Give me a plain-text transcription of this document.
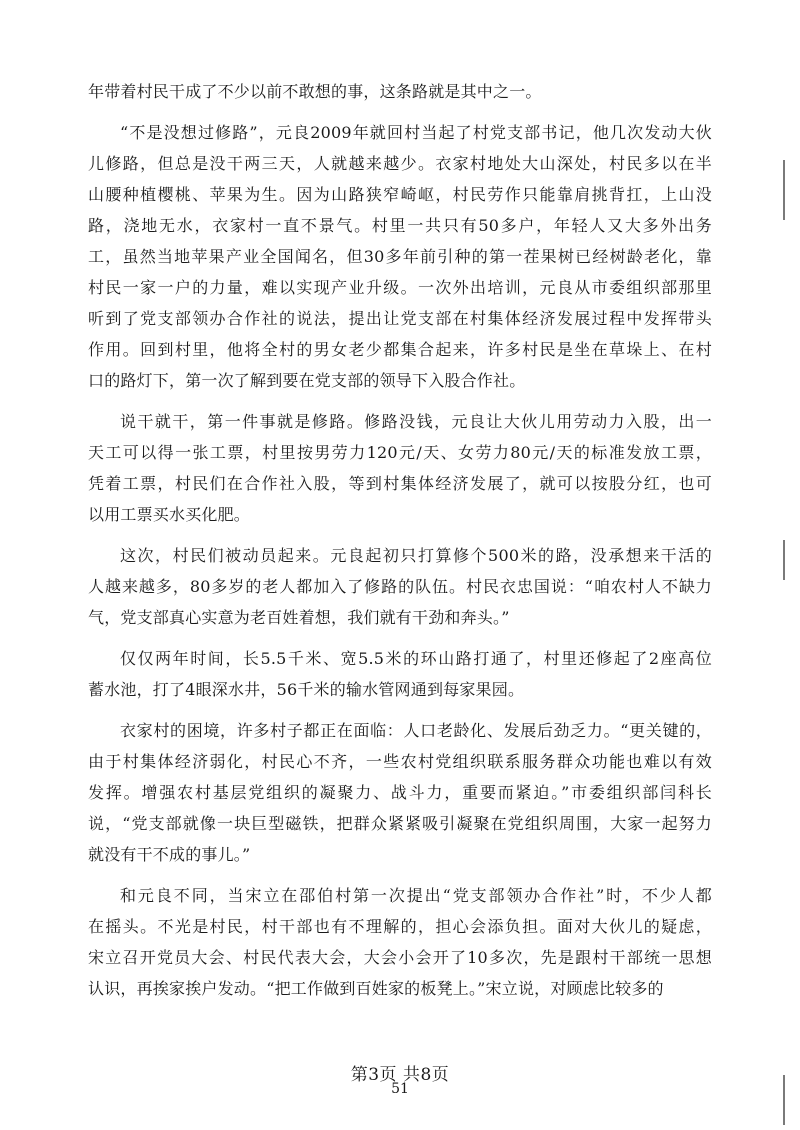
年带着村民干成了不少以前不敢想的事，这条路就是其中之一。
“不是没想过修路”，元良2009年就回村当起了村党支部书记，他几次发动大伙
儿修路，但总是没干两三天，人就越来越少。衣家村地处大山深处，村民多以在半
山腰种植樱桃、苹果为生。因为山路狭窄崎岖，村民劳作只能靠肩挑背扛，上山没
路，浇地无水，衣家村一直不景气。村里一共只有50多户，年轻人又大多外出务
工，虽然当地苹果产业全国闻名，但30多年前引种的第一茬果树已经树龄老化，靠
村民一家一户的力量，难以实现产业升级。一次外出培训，元良从市委组织部那里
听到了党支部领办合作社的说法，提出让党支部在村集体经济发展过程中发挥带头
作用。回到村里，他将全村的男女老少都集合起来，许多村民是坐在草垛上、在村
口的路灯下，第一次了解到要在党支部的领导下入股合作社。
说干就干，第一件事就是修路。修路没钱，元良让大伙儿用劳动力入股，出一
天工可以得一张工票，村里按男劳力120元/天、女劳力80元/天的标准发放工票，
凭着工票，村民们在合作社入股，等到村集体经济发展了，就可以按股分红，也可
以用工票买水买化肥。
这次，村民们被动员起来。元良起初只打算修个500米的路，没承想来干活的
人越来越多，80多岁的老人都加入了修路的队伍。村民衣忠国说：“咱农村人不缺力
气，党支部真心实意为老百姓着想，我们就有干劲和奔头。”
仅仅两年时间，长5.5千米、宽5.5米的环山路打通了，村里还修起了2座高位
蓄水池，打了4眼深水井，56千米的输水管网通到每家果园。
衣家村的困境，许多村子都正在面临：人口老龄化、发展后劲乏力。“更关键的，
由于村集体经济弱化，村民心不齐，一些农村党组织联系服务群众功能也难以有效
发挥。增强农村基层党组织的凝聚力、战斗力，重要而紧迫。”市委组织部闫科长
说，“党支部就像一块巨型磁铁，把群众紧紧吸引凝聚在党组织周围，大家一起努力
就没有干不成的事儿。”
和元良不同，当宋立在邵伯村第一次提出“党支部领办合作社”时，不少人都
在摇头。不光是村民，村干部也有不理解的，担心会添负担。面对大伙儿的疑虑，
宋立召开党员大会、村民代表大会，大会小会开了10多次，先是跟村干部统一思想
认识，再挨家挨户发动。“把工作做到百姓家的板凳上。”宋立说，对顾虑比较多的
第3页 共8页
51
